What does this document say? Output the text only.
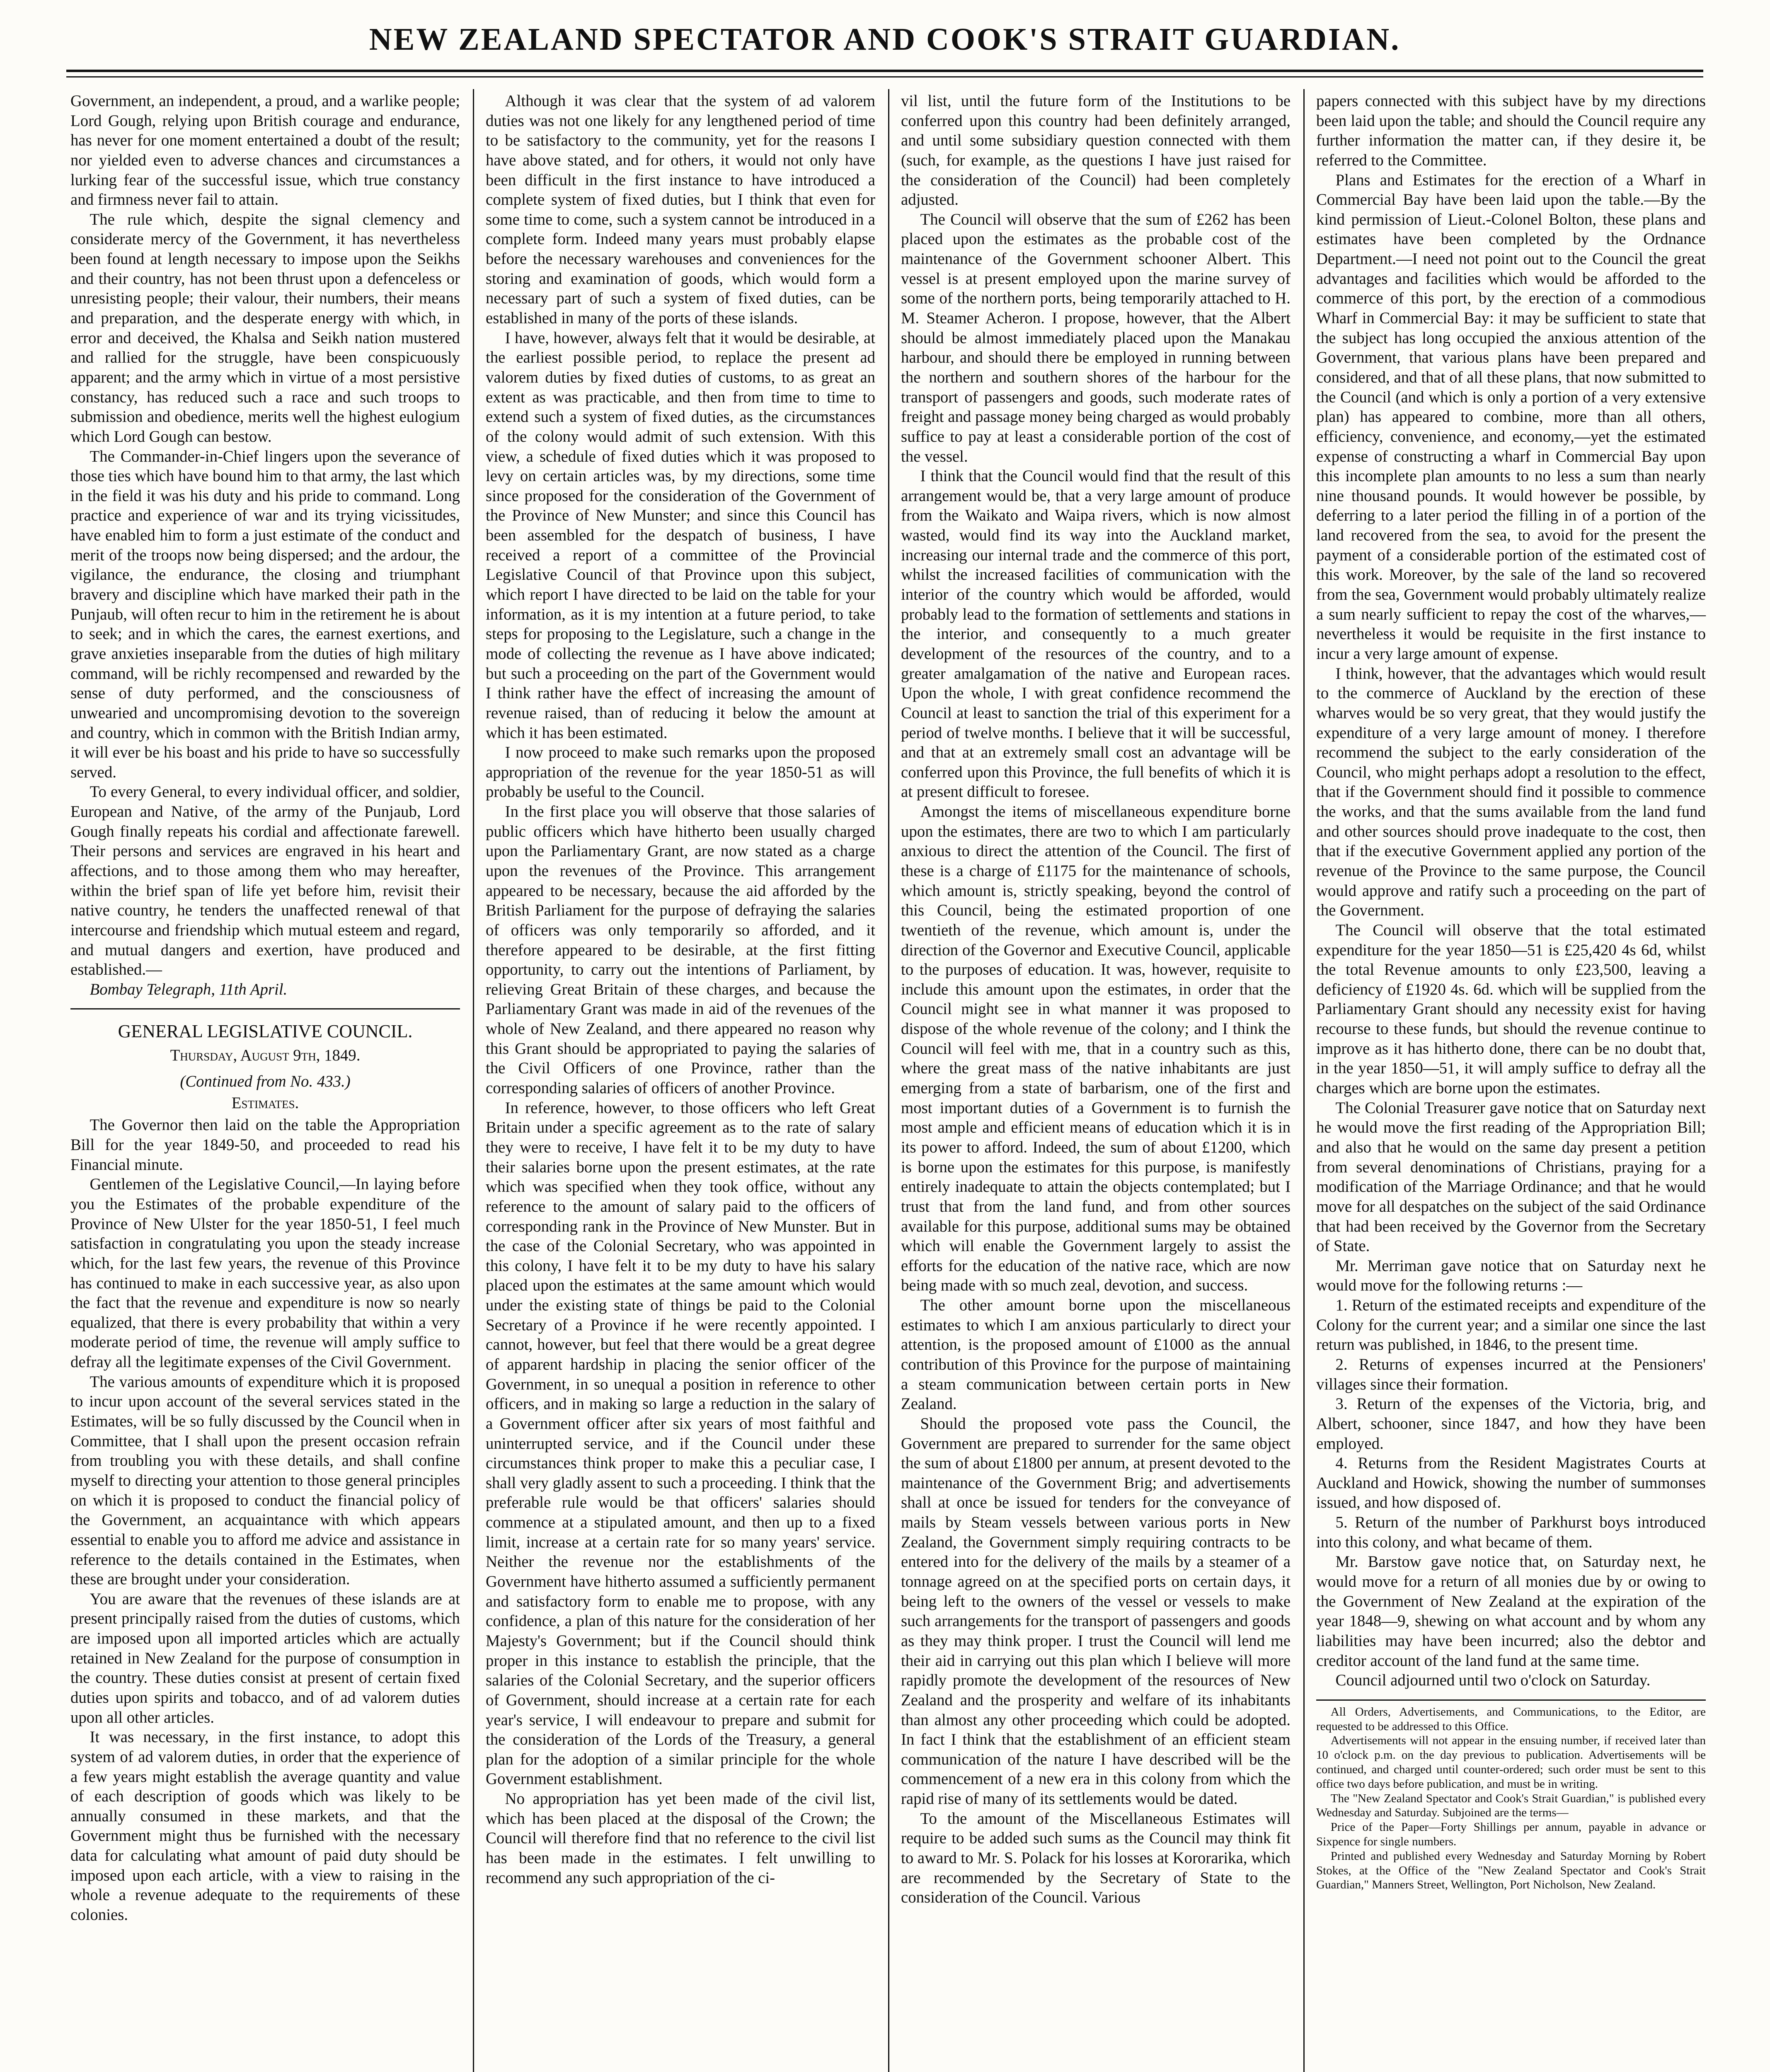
NEW ZEALAND SPECTATOR AND COOK'S STRAIT GUARDIAN.

Government, an independent, a proud, and a warlike people; Lord Gough, relying upon British courage and endurance, has never for one moment entertained a doubt of the result; nor yielded even to adverse chances and circumstances a lurking fear of the successful issue, which true constancy and firmness never fail to attain.

The rule which, despite the signal clemency and considerate mercy of the Government, it has nevertheless been found at length necessary to impose upon the Seikhs and their country, has not been thrust upon a defenceless or unresisting people; their valour, their numbers, their means and preparation, and the desperate energy with which, in error and deceived, the Khalsa and Seikh nation mustered and rallied for the struggle, have been conspicuously apparent; and the army which in virtue of a most persistive constancy, has reduced such a race and such troops to submission and obedience, merits well the highest eulogium which Lord Gough can bestow.

The Commander-in-Chief lingers upon the severance of those ties which have bound him to that army, the last which in the field it was his duty and his pride to command. Long practice and experience of war and its trying vicissitudes, have enabled him to form a just estimate of the conduct and merit of the troops now being dispersed; and the ardour, the vigilance, the endurance, the closing and triumphant bravery and discipline which have marked their path in the Punjaub, will often recur to him in the retirement he is about to seek; and in which the cares, the earnest exertions, and grave anxieties inseparable from the duties of high military command, will be richly recompensed and rewarded by the sense of duty performed, and the consciousness of unwearied and uncompromising devotion to the sovereign and country, which in common with the British Indian army, it will ever be his boast and his pride to have so successfully served.

To every General, to every individual officer, and soldier, European and Native, of the army of the Punjaub, Lord Gough finally repeats his cordial and affectionate farewell. Their persons and services are engraved in his heart and affections, and to those among them who may hereafter, within the brief span of life yet before him, revisit their native country, he tenders the unaffected renewal of that intercourse and friendship which mutual esteem and regard, and mutual dangers and exertion, have produced and established.—

Bombay Telegraph, 11th April.

GENERAL LEGISLATIVE COUNCIL.

Thursday, August 9th, 1849.

(Continued from No. 433.)

Estimates.

The Governor then laid on the table the Appropriation Bill for the year 1849-50, and proceeded to read his Financial minute.

Gentlemen of the Legislative Council,—In laying before you the Estimates of the probable expenditure of the Province of New Ulster for the year 1850-51, I feel much satisfaction in congratulating you upon the steady increase which, for the last few years, the revenue of this Province has continued to make in each successive year, as also upon the fact that the revenue and expenditure is now so nearly equalized, that there is every probability that within a very moderate period of time, the revenue will amply suffice to defray all the legitimate expenses of the Civil Government.

The various amounts of expenditure which it is proposed to incur upon account of the several services stated in the Estimates, will be so fully discussed by the Council when in Committee, that I shall upon the present occasion refrain from troubling you with these details, and shall confine myself to directing your attention to those general principles on which it is proposed to conduct the financial policy of the Government, an acquaintance with which appears essential to enable you to afford me advice and assistance in reference to the details contained in the Estimates, when these are brought under your consideration.

You are aware that the revenues of these islands are at present principally raised from the duties of customs, which are imposed upon all imported articles which are actually retained in New Zealand for the purpose of consumption in the country. These duties consist at present of certain fixed duties upon spirits and tobacco, and of ad valorem duties upon all other articles.

It was necessary, in the first instance, to adopt this system of ad valorem duties, in order that the experience of a few years might establish the average quantity and value of each description of goods which was likely to be annually consumed in these markets, and that the Government might thus be furnished with the necessary data for calculating what amount of paid duty should be imposed upon each article, with a view to raising in the whole a revenue adequate to the requirements of these colonies.

Although it was clear that the system of ad valorem duties was not one likely for any lengthened period of time to be satisfactory to the community, yet for the reasons I have above stated, and for others, it would not only have been difficult in the first instance to have introduced a complete system of fixed duties, but I think that even for some time to come, such a system cannot be introduced in a complete form. Indeed many years must probably elapse before the necessary warehouses and conveniences for the storing and examination of goods, which would form a necessary part of such a system of fixed duties, can be established in many of the ports of these islands.

I have, however, always felt that it would be desirable, at the earliest possible period, to replace the present ad valorem duties by fixed duties of customs, to as great an extent as was practicable, and then from time to time to extend such a system of fixed duties, as the circumstances of the colony would admit of such extension. With this view, a schedule of fixed duties which it was proposed to levy on certain articles was, by my directions, some time since proposed for the consideration of the Government of the Province of New Munster; and since this Council has been assembled for the despatch of business, I have received a report of a committee of the Provincial Legislative Council of that Province upon this subject, which report I have directed to be laid on the table for your information, as it is my intention at a future period, to take steps for proposing to the Legislature, such a change in the mode of collecting the revenue as I have above indicated; but such a proceeding on the part of the Government would I think rather have the effect of increasing the amount of revenue raised, than of reducing it below the amount at which it has been estimated.

I now proceed to make such remarks upon the proposed appropriation of the revenue for the year 1850-51 as will probably be useful to the Council.

In the first place you will observe that those salaries of public officers which have hitherto been usually charged upon the Parliamentary Grant, are now stated as a charge upon the revenues of the Province. This arrangement appeared to be necessary, because the aid afforded by the British Parliament for the purpose of defraying the salaries of officers was only temporarily so afforded, and it therefore appeared to be desirable, at the first fitting opportunity, to carry out the intentions of Parliament, by relieving Great Britain of these charges, and because the Parliamentary Grant was made in aid of the revenues of the whole of New Zealand, and there appeared no reason why this Grant should be appropriated to paying the salaries of the Civil Officers of one Province, rather than the corresponding salaries of officers of another Province.

In reference, however, to those officers who left Great Britain under a specific agreement as to the rate of salary they were to receive, I have felt it to be my duty to have their salaries borne upon the present estimates, at the rate which was specified when they took office, without any reference to the amount of salary paid to the officers of corresponding rank in the Province of New Munster. But in the case of the Colonial Secretary, who was appointed in this colony, I have felt it to be my duty to have his salary placed upon the estimates at the same amount which would under the existing state of things be paid to the Colonial Secretary of a Province if he were recently appointed. I cannot, however, but feel that there would be a great degree of apparent hardship in placing the senior officer of the Government, in so unequal a position in reference to other officers, and in making so large a reduction in the salary of a Government officer after six years of most faithful and uninterrupted service, and if the Council under these circumstances think proper to make this a peculiar case, I shall very gladly assent to such a proceeding. I think that the preferable rule would be that officers' salaries should commence at a stipulated amount, and then up to a fixed limit, increase at a certain rate for so many years' service. Neither the revenue nor the establishments of the Government have hitherto assumed a sufficiently permanent and satisfactory form to enable me to propose, with any confidence, a plan of this nature for the consideration of her Majesty's Government; but if the Council should think proper in this instance to establish the principle, that the salaries of the Colonial Secretary, and the superior officers of Government, should increase at a certain rate for each year's service, I will endeavour to prepare and submit for the consideration of the Lords of the Treasury, a general plan for the adoption of a similar principle for the whole Government establishment.

No appropriation has yet been made of the civil list, which has been placed at the disposal of the Crown; the Council will therefore find that no reference to the civil list has been made in the estimates. I felt unwilling to recommend any such appropriation of the ci-

vil list, until the future form of the Institutions to be conferred upon this country had been definitely arranged, and until some subsidiary question connected with them (such, for example, as the questions I have just raised for the consideration of the Council) had been completely adjusted.

The Council will observe that the sum of £262 has been placed upon the estimates as the probable cost of the maintenance of the Government schooner Albert. This vessel is at present employed upon the marine survey of some of the northern ports, being temporarily attached to H. M. Steamer Acheron. I propose, however, that the Albert should be almost immediately placed upon the Manakau harbour, and should there be employed in running between the northern and southern shores of the harbour for the transport of passengers and goods, such moderate rates of freight and passage money being charged as would probably suffice to pay at least a considerable portion of the cost of the vessel.

I think that the Council would find that the result of this arrangement would be, that a very large amount of produce from the Waikato and Waipa rivers, which is now almost wasted, would find its way into the Auckland market, increasing our internal trade and the commerce of this port, whilst the increased facilities of communication with the interior of the country which would be afforded, would probably lead to the formation of settlements and stations in the interior, and consequently to a much greater development of the resources of the country, and to a greater amalgamation of the native and European races. Upon the whole, I with great confidence recommend the Council at least to sanction the trial of this experiment for a period of twelve months. I believe that it will be successful, and that at an extremely small cost an advantage will be conferred upon this Province, the full benefits of which it is at present difficult to foresee.

Amongst the items of miscellaneous expenditure borne upon the estimates, there are two to which I am particularly anxious to direct the attention of the Council. The first of these is a charge of £1175 for the maintenance of schools, which amount is, strictly speaking, beyond the control of this Council, being the estimated proportion of one twentieth of the revenue, which amount is, under the direction of the Governor and Executive Council, applicable to the purposes of education. It was, however, requisite to include this amount upon the estimates, in order that the Council might see in what manner it was proposed to dispose of the whole revenue of the colony; and I think the Council will feel with me, that in a country such as this, where the great mass of the native inhabitants are just emerging from a state of barbarism, one of the first and most important duties of a Government is to furnish the most ample and efficient means of education which it is in its power to afford. Indeed, the sum of about £1200, which is borne upon the estimates for this purpose, is manifestly entirely inadequate to attain the objects contemplated; but I trust that from the land fund, and from other sources available for this purpose, additional sums may be obtained which will enable the Government largely to assist the efforts for the education of the native race, which are now being made with so much zeal, devotion, and success.

The other amount borne upon the miscellaneous estimates to which I am anxious particularly to direct your attention, is the proposed amount of £1000 as the annual contribution of this Province for the purpose of maintaining a steam communication between certain ports in New Zealand.

Should the proposed vote pass the Council, the Government are prepared to surrender for the same object the sum of about £1800 per annum, at present devoted to the maintenance of the Government Brig; and advertisements shall at once be issued for tenders for the conveyance of mails by Steam vessels between various ports in New Zealand, the Government simply requiring contracts to be entered into for the delivery of the mails by a steamer of a tonnage agreed on at the specified ports on certain days, it being left to the owners of the vessel or vessels to make such arrangements for the transport of passengers and goods as they may think proper. I trust the Council will lend me their aid in carrying out this plan which I believe will more rapidly promote the development of the resources of New Zealand and the prosperity and welfare of its inhabitants than almost any other proceeding which could be adopted. In fact I think that the establishment of an efficient steam communication of the nature I have described will be the commencement of a new era in this colony from which the rapid rise of many of its settlements would be dated.

To the amount of the Miscellaneous Estimates will require to be added such sums as the Council may think fit to award to Mr. S. Polack for his losses at Kororarika, which are recommended by the Secretary of State to the consideration of the Council. Various

papers connected with this subject have by my directions been laid upon the table; and should the Council require any further information the matter can, if they desire it, be referred to the Committee.

Plans and Estimates for the erection of a Wharf in Commercial Bay have been laid upon the table.—By the kind permission of Lieut.-Colonel Bolton, these plans and estimates have been completed by the Ordnance Department.—I need not point out to the Council the great advantages and facilities which would be afforded to the commerce of this port, by the erection of a commodious Wharf in Commercial Bay: it may be sufficient to state that the subject has long occupied the anxious attention of the Government, that various plans have been prepared and considered, and that of all these plans, that now submitted to the Council (and which is only a portion of a very extensive plan) has appeared to combine, more than all others, efficiency, convenience, and economy,—yet the estimated expense of constructing a wharf in Commercial Bay upon this incomplete plan amounts to no less a sum than nearly nine thousand pounds. It would however be possible, by deferring to a later period the filling in of a portion of the land recovered from the sea, to avoid for the present the payment of a considerable portion of the estimated cost of this work. Moreover, by the sale of the land so recovered from the sea, Government would probably ultimately realize a sum nearly sufficient to repay the cost of the wharves,—nevertheless it would be requisite in the first instance to incur a very large amount of expense.

I think, however, that the advantages which would result to the commerce of Auckland by the erection of these wharves would be so very great, that they would justify the expenditure of a very large amount of money. I therefore recommend the subject to the early consideration of the Council, who might perhaps adopt a resolution to the effect, that if the Government should find it possible to commence the works, and that the sums available from the land fund and other sources should prove inadequate to the cost, then that if the executive Government applied any portion of the revenue of the Province to the same purpose, the Council would approve and ratify such a proceeding on the part of the Government.

The Council will observe that the total estimated expenditure for the year 1850—51 is £25,420 4s 6d, whilst the total Revenue amounts to only £23,500, leaving a deficiency of £1920 4s. 6d. which will be supplied from the Parliamentary Grant should any necessity exist for having recourse to these funds, but should the revenue continue to improve as it has hitherto done, there can be no doubt that, in the year 1850—51, it will amply suffice to defray all the charges which are borne upon the estimates.

The Colonial Treasurer gave notice that on Saturday next he would move the first reading of the Appropriation Bill; and also that he would on the same day present a petition from several denominations of Christians, praying for a modification of the Marriage Ordinance; and that he would move for all despatches on the subject of the said Ordinance that had been received by the Governor from the Secretary of State.

Mr. Merriman gave notice that on Saturday next he would move for the following returns :—

1. Return of the estimated receipts and expenditure of the Colony for the current year; and a similar one since the last return was published, in 1846, to the present time.

2. Returns of expenses incurred at the Pensioners' villages since their formation.

3. Return of the expenses of the Victoria, brig, and Albert, schooner, since 1847, and how they have been employed.

4. Returns from the Resident Magistrates Courts at Auckland and Howick, showing the number of summonses issued, and how disposed of.

5. Return of the number of Parkhurst boys introduced into this colony, and what became of them.

Mr. Barstow gave notice that, on Saturday next, he would move for a return of all monies due by or owing to the Government of New Zealand at the expiration of the year 1848—9, shewing on what account and by whom any liabilities may have been incurred; also the debtor and creditor account of the land fund at the same time.

Council adjourned until two o'clock on Saturday.

All Orders, Advertisements, and Communications, to the Editor, are requested to be addressed to this Office.

Advertisements will not appear in the ensuing number, if received later than 10 o'clock p.m. on the day previous to publication. Advertisements will be continued, and charged until counter-ordered; such order must be sent to this office two days before publication, and must be in writing.

The "New Zealand Spectator and Cook's Strait Guardian," is published every Wednesday and Saturday. Subjoined are the terms—

Price of the Paper—Forty Shillings per annum, payable in advance or Sixpence for single numbers.

Printed and published every Wednesday and Saturday Morning by Robert Stokes, at the Office of the "New Zealand Spectator and Cook's Strait Guardian," Manners Street, Wellington, Port Nicholson, New Zealand.
